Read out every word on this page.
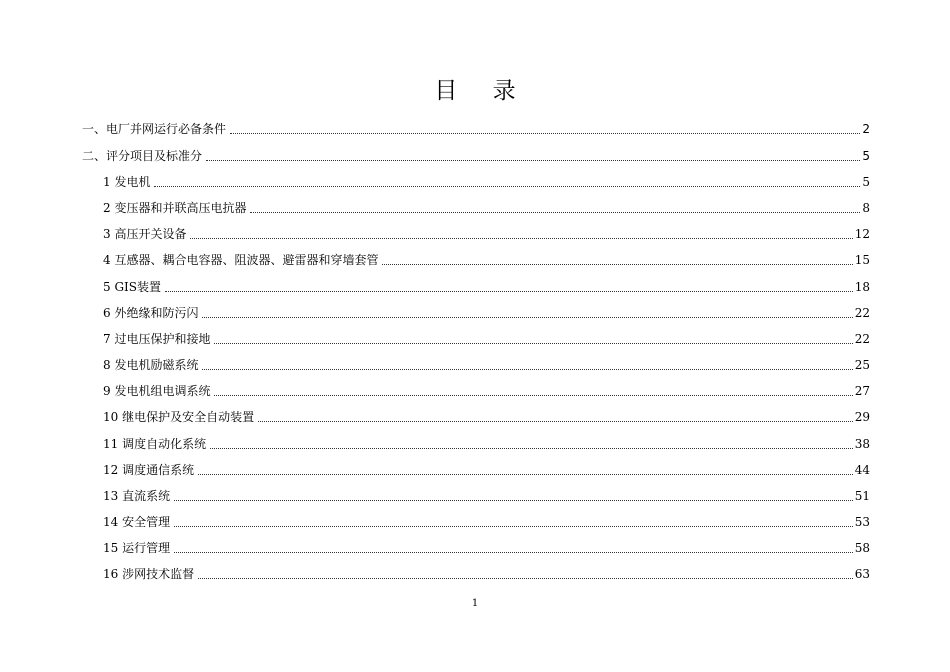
目 录
一、电厂并网运行必备条件	2
二、评分项目及标准分	5
1 发电机	5
2 变压器和并联高压电抗器	8
3 高压开关设备	12
4 互感器、耦合电容器、阻波器、避雷器和穿墙套管	15
5 GIS装置	18
6 外绝缘和防污闪	22
7 过电压保护和接地	22
8 发电机励磁系统	25
9 发电机组电调系统	27
10 继电保护及安全自动装置	29
11 调度自动化系统	38
12 调度通信系统	44
13 直流系统	51
14 安全管理	53
15 运行管理	58
16 涉网技术监督	63
1
